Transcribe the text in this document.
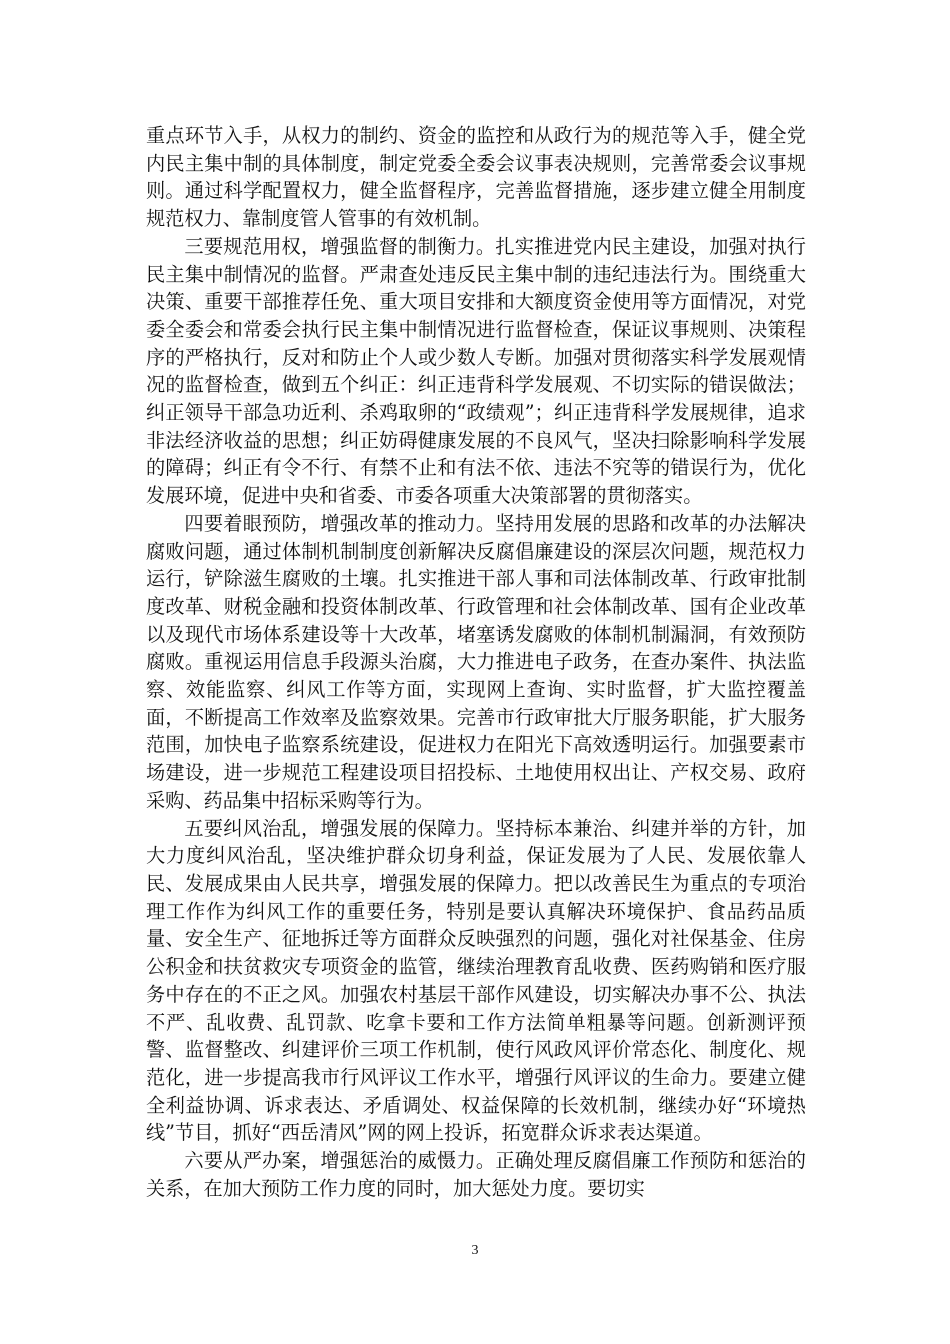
重点环节入手，从权力的制约、资金的监控和从政行为的规范等入手，健全党内民主集中制的具体制度，制定党委全委会议事表决规则，完善常委会议事规则。通过科学配置权力，健全监督程序，完善监督措施，逐步建立健全用制度规范权力、靠制度管人管事的有效机制。

三要规范用权，增强监督的制衡力。扎实推进党内民主建设，加强对执行民主集中制情况的监督。严肃查处违反民主集中制的违纪违法行为。围绕重大决策、重要干部推荐任免、重大项目安排和大额度资金使用等方面情况，对党委全委会和常委会执行民主集中制情况进行监督检查，保证议事规则、决策程序的严格执行，反对和防止个人或少数人专断。加强对贯彻落实科学发展观情况的监督检查，做到五个纠正：纠正违背科学发展观、不切实际的错误做法；纠正领导干部急功近利、杀鸡取卵的“政绩观”；纠正违背科学发展规律，追求非法经济收益的思想；纠正妨碍健康发展的不良风气，坚决扫除影响科学发展的障碍；纠正有令不行、有禁不止和有法不依、违法不究等的错误行为，优化发展环境，促进中央和省委、市委各项重大决策部署的贯彻落实。

四要着眼预防，增强改革的推动力。坚持用发展的思路和改革的办法解决腐败问题，通过体制机制制度创新解决反腐倡廉建设的深层次问题，规范权力运行，铲除滋生腐败的土壤。扎实推进干部人事和司法体制改革、行政审批制度改革、财税金融和投资体制改革、行政管理和社会体制改革、国有企业改革以及现代市场体系建设等十大改革，堵塞诱发腐败的体制机制漏洞，有效预防腐败。重视运用信息手段源头治腐，大力推进电子政务，在查办案件、执法监察、效能监察、纠风工作等方面，实现网上查询、实时监督，扩大监控覆盖面，不断提高工作效率及监察效果。完善市行政审批大厅服务职能，扩大服务范围，加快电子监察系统建设，促进权力在阳光下高效透明运行。加强要素市场建设，进一步规范工程建设项目招投标、土地使用权出让、产权交易、政府采购、药品集中招标采购等行为。

五要纠风治乱，增强发展的保障力。坚持标本兼治、纠建并举的方针，加大力度纠风治乱，坚决维护群众切身利益，保证发展为了人民、发展依靠人民、发展成果由人民共享，增强发展的保障力。把以改善民生为重点的专项治理工作作为纠风工作的重要任务，特别是要认真解决环境保护、食品药品质量、安全生产、征地拆迁等方面群众反映强烈的问题，强化对社保基金、住房公积金和扶贫救灾专项资金的监管，继续治理教育乱收费、医药购销和医疗服务中存在的不正之风。加强农村基层干部作风建设，切实解决办事不公、执法不严、乱收费、乱罚款、吃拿卡要和工作方法简单粗暴等问题。创新测评预警、监督整改、纠建评价三项工作机制，使行风政风评价常态化、制度化、规范化，进一步提高我市行风评议工作水平，增强行风评议的生命力。要建立健全利益协调、诉求表达、矛盾调处、权益保障的长效机制，继续办好“环境热线”节目，抓好“西岳清风”网的网上投诉，拓宽群众诉求表达渠道。

六要从严办案，增强惩治的威慑力。正确处理反腐倡廉工作预防和惩治的关系，在加大预防工作力度的同时，加大惩处力度。要切实

3
